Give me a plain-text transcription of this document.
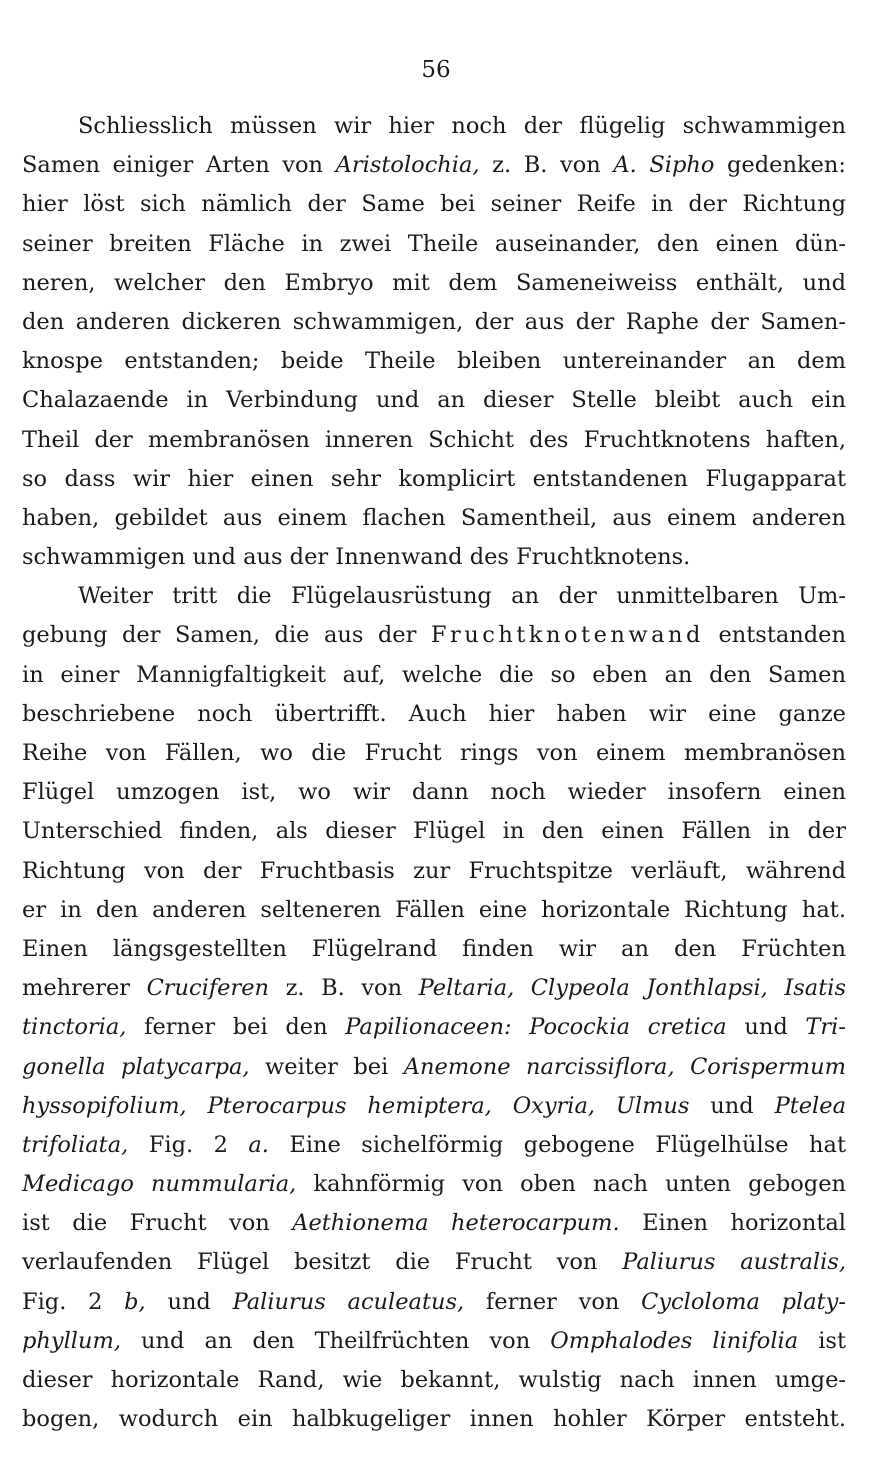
56
Schliesslich müssen wir hier noch der flügelig schwammigen
Samen einiger Arten von Aristolochia, z. B. von A. Sipho gedenken:
hier löst sich nämlich der Same bei seiner Reife in der Richtung
seiner breiten Fläche in zwei Theile auseinander, den einen dün-
neren, welcher den Embryo mit dem Sameneiweiss enthält, und
den anderen dickeren schwammigen, der aus der Raphe der Samen-
knospe entstanden; beide Theile bleiben untereinander an dem
Chalazaende in Verbindung und an dieser Stelle bleibt auch ein
Theil der membranösen inneren Schicht des Fruchtknotens haften,
so dass wir hier einen sehr komplicirt entstandenen Flugapparat
haben, gebildet aus einem flachen Samentheil, aus einem anderen
schwammigen und aus der Innenwand des Fruchtknotens.
Weiter tritt die Flügelausrüstung an der unmittelbaren Um-
gebung der Samen, die aus der Fruchtknotenwand entstanden
in einer Mannigfaltigkeit auf, welche die so eben an den Samen
beschriebene noch übertrifft. Auch hier haben wir eine ganze
Reihe von Fällen, wo die Frucht rings von einem membranösen
Flügel umzogen ist, wo wir dann noch wieder insofern einen
Unterschied finden, als dieser Flügel in den einen Fällen in der
Richtung von der Fruchtbasis zur Fruchtspitze verläuft, während
er in den anderen selteneren Fällen eine horizontale Richtung hat.
Einen längsgestellten Flügelrand finden wir an den Früchten
mehrerer Cruciferen z. B. von Peltaria, Clypeola Jonthlapsi, Isatis
tinctoria, ferner bei den Papilionaceen: Pocockia cretica und Tri-
gonella platycarpa, weiter bei Anemone narcissiflora, Corispermum
hyssopifolium, Pterocarpus hemiptera, Oxyria, Ulmus und Ptelea
trifoliata, Fig. 2 a. Eine sichelförmig gebogene Flügelhülse hat
Medicago nummularia, kahnförmig von oben nach unten gebogen
ist die Frucht von Aethionema heterocarpum. Einen horizontal
verlaufenden Flügel besitzt die Frucht von Paliurus australis,
Fig. 2 b, und Paliurus aculeatus, ferner von Cycloloma platy-
phyllum, und an den Theilfrüchten von Omphalodes linifolia ist
dieser horizontale Rand, wie bekannt, wulstig nach innen umge-
bogen, wodurch ein halbkugeliger innen hohler Körper entsteht.
